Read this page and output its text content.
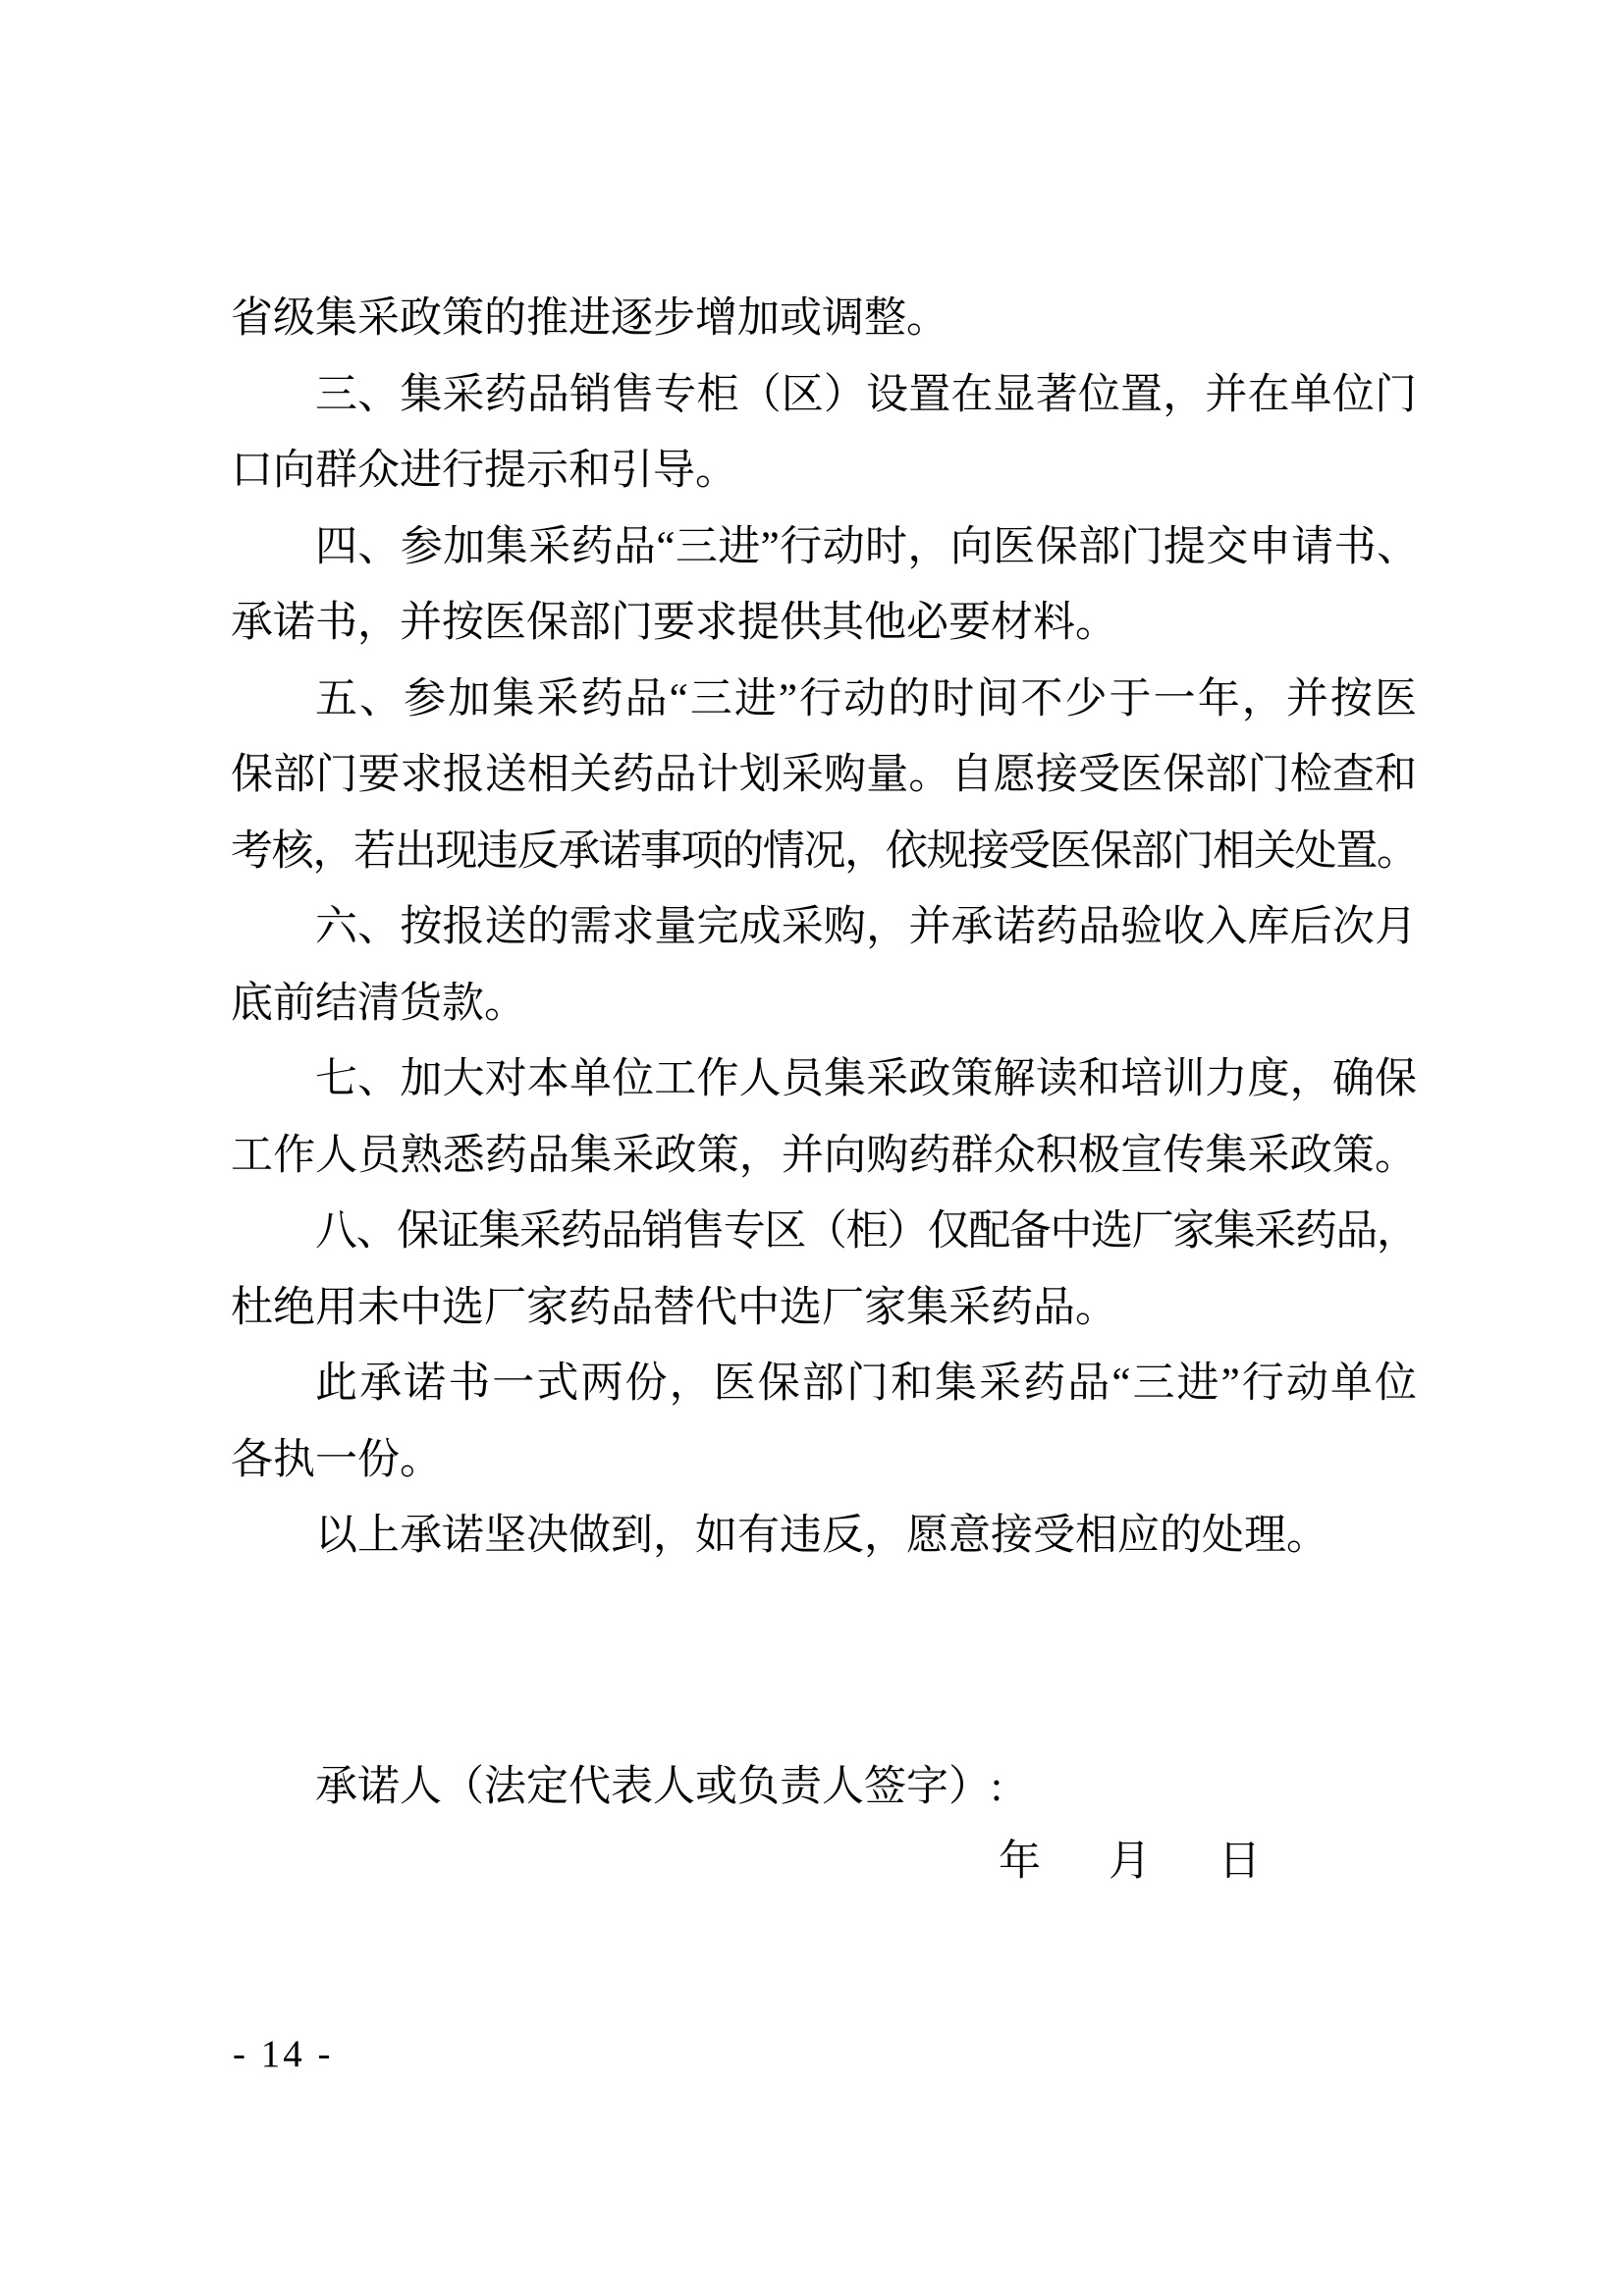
省级集采政策的推进逐步增加或调整。
三、集采药品销售专柜（区）设置在显著位置，并在单位门
口向群众进行提示和引导。
四、参加集采药品“三进”行动时，向医保部门提交申请书、
承诺书，并按医保部门要求提供其他必要材料。
五、参加集采药品“三进”行动的时间不少于一年，并按医
保部门要求报送相关药品计划采购量。自愿接受医保部门检查和
考核，若出现违反承诺事项的情况，依规接受医保部门相关处置。
六、按报送的需求量完成采购，并承诺药品验收入库后次月
底前结清货款。
七、加大对本单位工作人员集采政策解读和培训力度，确保
工作人员熟悉药品集采政策，并向购药群众积极宣传集采政策。
八、保证集采药品销售专区（柜）仅配备中选厂家集采药品，
杜绝用未中选厂家药品替代中选厂家集采药品。
此承诺书一式两份，医保部门和集采药品“三进”行动单位
各执一份。
以上承诺坚决做到，如有违反，愿意接受相应的处理。
承诺人（法定代表人或负责人签字）:
年 月 日
- 14 -
